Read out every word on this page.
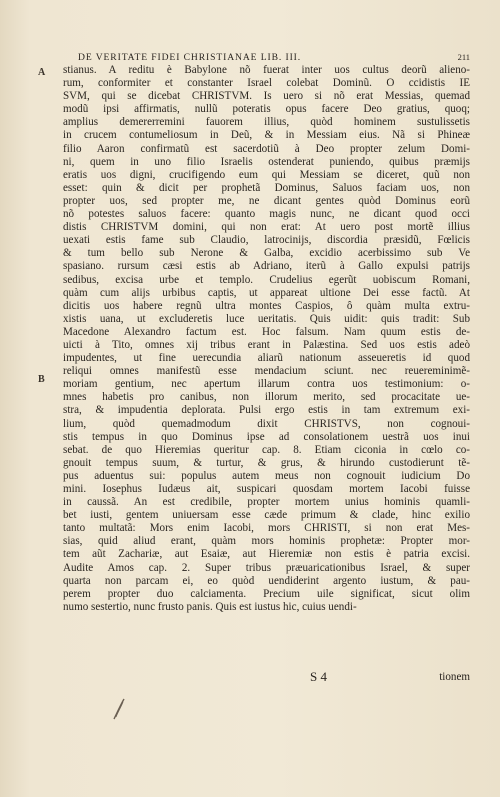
DE VERITATE FIDEI CHRISTIANAE LIB. III.	211
A
B
stianus. A reditu è Babylone nõ fuerat inter uos cultus deorũ alieno-
rum, conformiter et constanter Israel colebat Dominũ. O ccidistis IE
SVM, qui se dicebat CHRISTVM. Is uero si nõ erat Messias, quemad
modũ ipsi affirmatis, nullũ poteratis opus facere Deo gratius, quoq;
amplius demererremini fauorem illius, quòd hominem sustulissetis
in crucem contumeliosum in Deũ, & in Messiam eius. Nã si Phineæ
filio Aaron confirmatũ est sacerdotiũ à Deo propter zelum Domi-
ni, quem in uno filio Israelis ostenderat puniendo, quibus præmijs
eratis uos digni, crucifigendo eum qui Messiam se diceret, quũ non
esset: quin & dicit per prophetã Dominus, Saluos faciam uos, non
propter uos, sed propter me, ne dicant gentes quòd Dominus eorũ
nõ potestes saluos facere: quanto magis nunc, ne dicant quod occi
distis CHRISTVM domini, qui non erat: At uero post mortẽ illius
uexati estis fame sub Claudio, latrocinijs, discordia præsidũ, Fœlicis
& tum bello sub Nerone & Galba, excidio acerbissimo sub Ve
spasiano. rursum cæsi estis ab Adriano, iterũ à Gallo expulsi patrijs
sedibus, excisa urbe et templo. Crudelius egerũt uobiscum Romani,
quàm cum alijs urbibus captis, ut appareat ultione Dei esse factũ. At
dicitis uos habere regnũ ultra montes Caspios, ô quàm multa extru-
xistis uana, ut excluderetis luce ueritatis. Quis uidit: quis tradit: Sub
Macedone Alexandro factum est. Hoc falsum. Nam quum estis de-
uicti à Tito, omnes xij tribus erant in Palæstina. Sed uos estis adeò
impudentes, ut fine uerecundia aliarũ nationum asseueretis id quod
reliqui omnes manifestũ esse mendacium sciunt. nec reuereminimẽ-
moriam gentium, nec apertum illarum contra uos testimonium: o-
mnes habetis pro canibus, non illorum merito, sed procacitate ue-
stra, & impudentia deplorata. Pulsi ergo estis in tam extremum exi-
lium, quòd quemadmodum dixit CHRISTVS, non cognoui-
stis tempus in quo Dominus ipse ad consolationem uestrã uos inui
sebat. de quo Hieremias queritur cap. 8. Etiam ciconia in cœlo co-
gnouit tempus suum, & turtur, & grus, & hirundo custodierunt tẽ-
pus aduentus sui: populus autem meus non cognouit iudicium Do
mini. Iosephus Iudæus ait, suspicari quosdam mortem Iacobi fuisse
in caussã. An est credibile, propter mortem unius hominis quamli-
bet iusti, gentem uniuersam esse cæde primum & clade, hinc exilio
tanto multatã: Mors enim Iacobi, mors CHRISTI, si non erat Mes-
sias, quid aliud erant, quàm mors hominis prophetæ: Propter mor-
tem aũt Zachariæ, aut Esaiæ, aut Hieremiæ non estis è patria excisi.
Audite Amos cap. 2. Super tribus præuaricationibus Israel, & super
quarta non parcam ei, eo quòd uendiderint argento iustum, & pau-
perem propter duo calciamenta. Precium uile significat, sicut olim
numo sestertio, nunc frusto panis. Quis est iustus hic, cuius uendi-
S 4	tionem
